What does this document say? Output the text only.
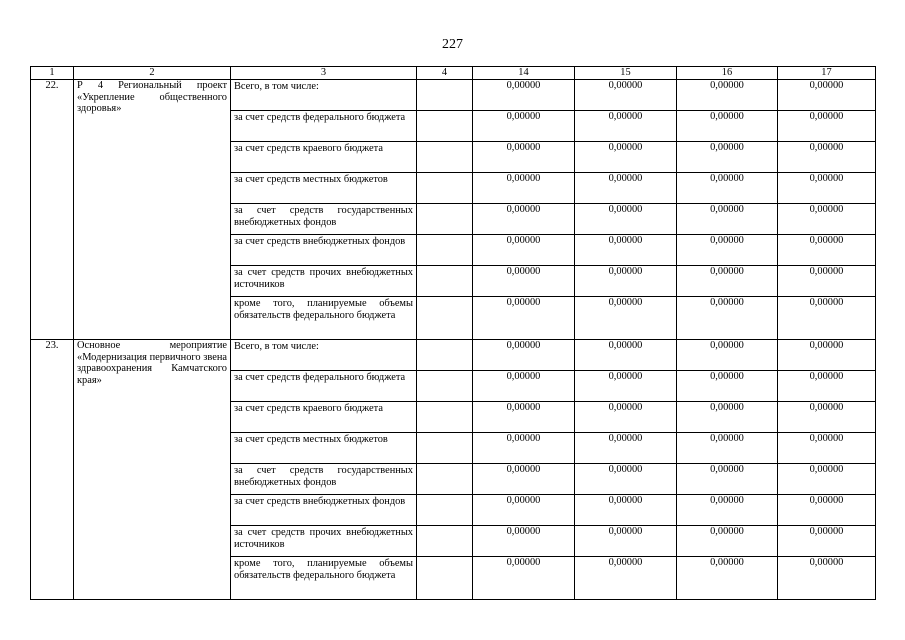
227
1	2	3	4	14	15	16	17
22.	Р 4 Региональный проект «Укрепление общественного здоровья»	Всего, в том числе:		0,00000	0,00000	0,00000	0,00000

		за счет средств федерального бюджета		0,00000	0,00000	0,00000	0,00000

		за счет средств краевого бюджета		0,00000	0,00000	0,00000	0,00000

		за счет средств местных бюджетов		0,00000	0,00000	0,00000	0,00000

		за счет средств государственных внебюджетных фондов		0,00000	0,00000	0,00000	0,00000

		за счет средств внебюджетных фондов		0,00000	0,00000	0,00000	0,00000

		за счет средств прочих внебюджетных источников		0,00000	0,00000	0,00000	0,00000

		кроме того, планируемые объемы обязательств федерального бюджета		0,00000	0,00000	0,00000	0,00000
23.	Основное мероприятие «Модернизация первичного звена здравоохранения Камчатского края»	Всего, в том числе:		0,00000	0,00000	0,00000	0,00000

		за счет средств федерального бюджета		0,00000	0,00000	0,00000	0,00000

		за счет средств краевого бюджета		0,00000	0,00000	0,00000	0,00000

		за счет средств местных бюджетов		0,00000	0,00000	0,00000	0,00000

		за счет средств государственных внебюджетных фондов		0,00000	0,00000	0,00000	0,00000

		за счет средств внебюджетных фондов		0,00000	0,00000	0,00000	0,00000

		за счет средств прочих внебюджетных источников		0,00000	0,00000	0,00000	0,00000

		кроме того, планируемые объемы обязательств федерального бюджета		0,00000	0,00000	0,00000	0,00000
